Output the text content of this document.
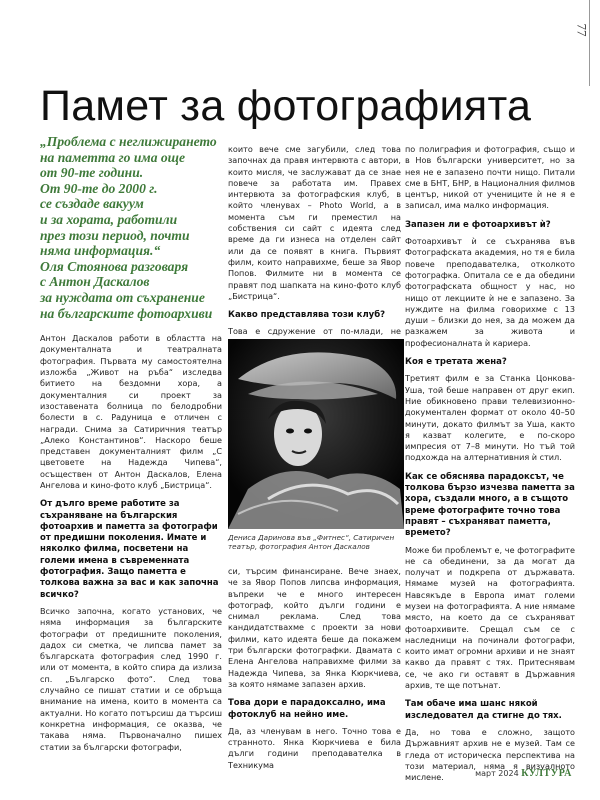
77
Памет за фотографията

„Проблема с неглижирането
на паметта го има още
от 90-те години.
От 90-те до 2000 г.
се създаде вакуум
и за хората, работили
през този период, почти
няма информация.“
Оля Стоянова разговаря
с Антон Даскалов
за нуждата от съхранение
на българските фотоархиви

Антон Даскалов работи в областта на документалната и театралната фотография. Първата му самостоятелна изложба „Живот на ръба“ изследва битието на бездомни хора, а документалния си проект за изоставената болница по белодробни болести в с. Радуница е отличен с награди. Снима за Сатиричния театър „Алеко Константинов“. Наскоро беше представен документалният филм „С цветовете на Надежда Чипева“, осъществен от Антон Даскалов, Елена Ангелова и кино-фото клуб „Бистрица“.

От дълго време работите за съхраняване на българския фотоархив и паметта за фотографи от предишни поколения. Имате и няколко филма, посветени на големи имена в съвременната фотография. Защо паметта е толкова важна за вас и как започна всичко?

Всичко започна, когато установих, че няма информация за българските фотографи от предишните поколения, дадох си сметка, че липсва памет за българската фотография след 1990 г. или от момента, в който спира да излиза сп. „Българско фото“. След това случайно се пишат статии и се обръща внимание на имена, които в момента са актуални. Но когато потърсиш да търсиш конкретна информация, се оказва, че такава няма. Първоначално пишех статии за български фотографи,

които вече сме загубили, след това започнах да правя интервюта с автори, които мисля, че заслужават да се знае повече за работата им. Правех интервюта за фотографския клуб, в който членувах – Photo World, а в момента съм ги преместил на собствения си сайт с идеята след време да ги изнеса на отделен сайт или да се появят в книга. Първият филм, които направихме, беше за Явор Попов. Филмите ни в момента се правят под шапката на кино-фото клуб „Бистрица“.

Какво представлява този клуб?

Това е сдружение от по-млади, не

Дениса Даринова във „Фитнес“, Сатиричен театър, фотография Антон Даскалов

си, търсим финансиране. Вече знаех, че за Явор Попов липсва информация, въпреки че е много интересен фотограф, който дълги години е снимал реклама. След това кандидатствахме с проекти за нови филми, като идеята беше да покажем три български фотографки. Двамата с Елена Ангелова направихме филми за Надежда Чипева, за Янка Кюркчиева, за която нямаме запазен архив.

Това дори е парадоксално, има фотоклуб на нейно име.

Да, аз членувам в него. Точно това е странното. Янка Кюркчиева е била дълги години преподавателка в Техникума

по полиграфия и фотография, също и в Нов български университет, но за нея не е запазено почти нищо. Питали сме в БНТ, БНР, в Националния филмов център, никой от учениците ѝ не я е записал, има малко информация.

Запазен ли е фотоархивът ѝ?

Фотоархивът ѝ се съхранява във Фотографската академия, но тя е била повече преподавателка, отколкото фотографка. Опитала се е да обедини фотографската общност у нас, но нищо от лекциите ѝ не е запазено. За нуждите на филма говорихме с 13 души – близки до нея, за да можем да разкажем за живота и професионалната ѝ кариера.

Коя е третата жена?

Третият филм е за Станка Цонкова-Уша, той беше направен от друг екип. Ние обикновено прави телевизионно-документален формат от около 40–50 минути, докато филмът за Уша, както я казват колегите, е по-скоро импресия от 7–8 минути. Но тъй той подхожда на алтернативния ѝ стил.

Как се обяснява парадоксът, че толкова бързо изчезва паметта за хора, създали много, а в същото време фотографите точно това правят – съхраняват паметта, времето?

Може би проблемът е, че фотографите не са обединени, за да могат да получат и подкрепа от държавата. Нямаме музей на фотографията. Навсякъде в Европа имат големи музеи на фотографията. А ние нямаме място, на което да се съхраняват фотоархивите. Срещал съм се с наследници на починали фотографи, които имат огромни архиви и не знаят какво да правят с тях. Притеснявам се, че ако ги оставят в Държавния архив, те ще потънат.

Там обаче има шанс някой изследовател да стигне до тях.

Да, но това е сложно, защото Държавният архив не е музей. Там се гледа от историческа перспектива на този материал, няма я визуалното мислене.	март 2024 КУЛТУРА
